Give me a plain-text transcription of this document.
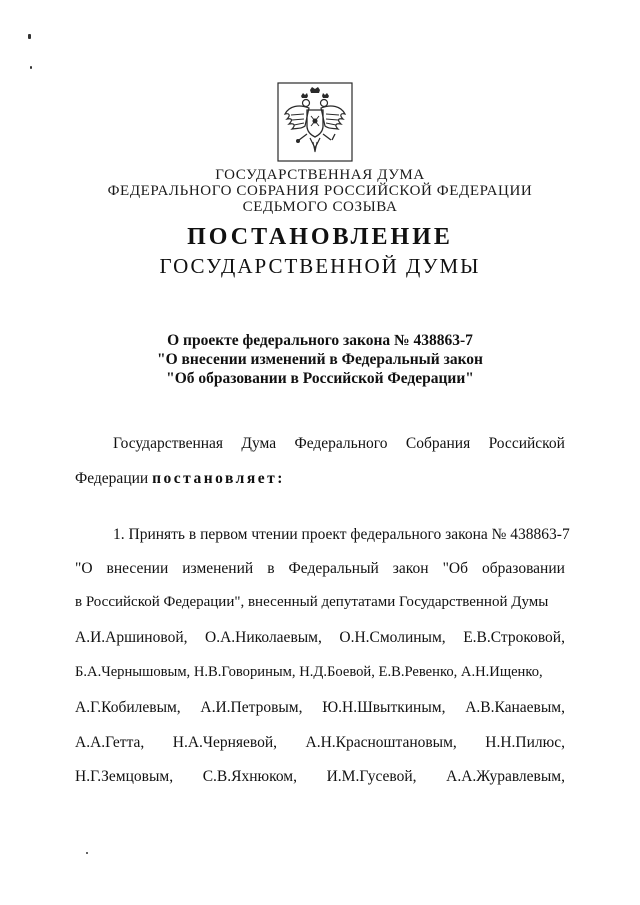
ГОСУДАРСТВЕННАЯ ДУМА
ФЕДЕРАЛЬНОГО СОБРАНИЯ РОССИЙСКОЙ ФЕДЕРАЦИИ
СЕДЬМОГО СОЗЫВА
ПОСТАНОВЛЕНИЕ
ГОСУДАРСТВЕННОЙ ДУМЫ
О проекте федерального закона № 438863-7
"О внесении изменений в Федеральный закон
"Об образовании в Российской Федерации"
Государственная Дума Федерального Собрания Российской
Федерации постановляет:
1. Принять в первом чтении проект федерального закона № 438863-7
"О внесении изменений в Федеральный закон "Об образовании
в Российской Федерации", внесенный депутатами Государственной Думы
А.И.Аршиновой, О.А.Николаевым, О.Н.Смолиным, Е.В.Строковой,
Б.А.Чернышовым, Н.В.Говориным, Н.Д.Боевой, Е.В.Ревенко, А.Н.Ищенко,
А.Г.Кобилевым, А.И.Петровым, Ю.Н.Швыткиным, А.В.Канаевым,
А.А.Гетта, Н.А.Черняевой, А.Н.Красноштановым, Н.Н.Пилюс,
Н.Г.Земцовым, С.В.Яхнюком, И.М.Гусевой, А.А.Журавлевым,
